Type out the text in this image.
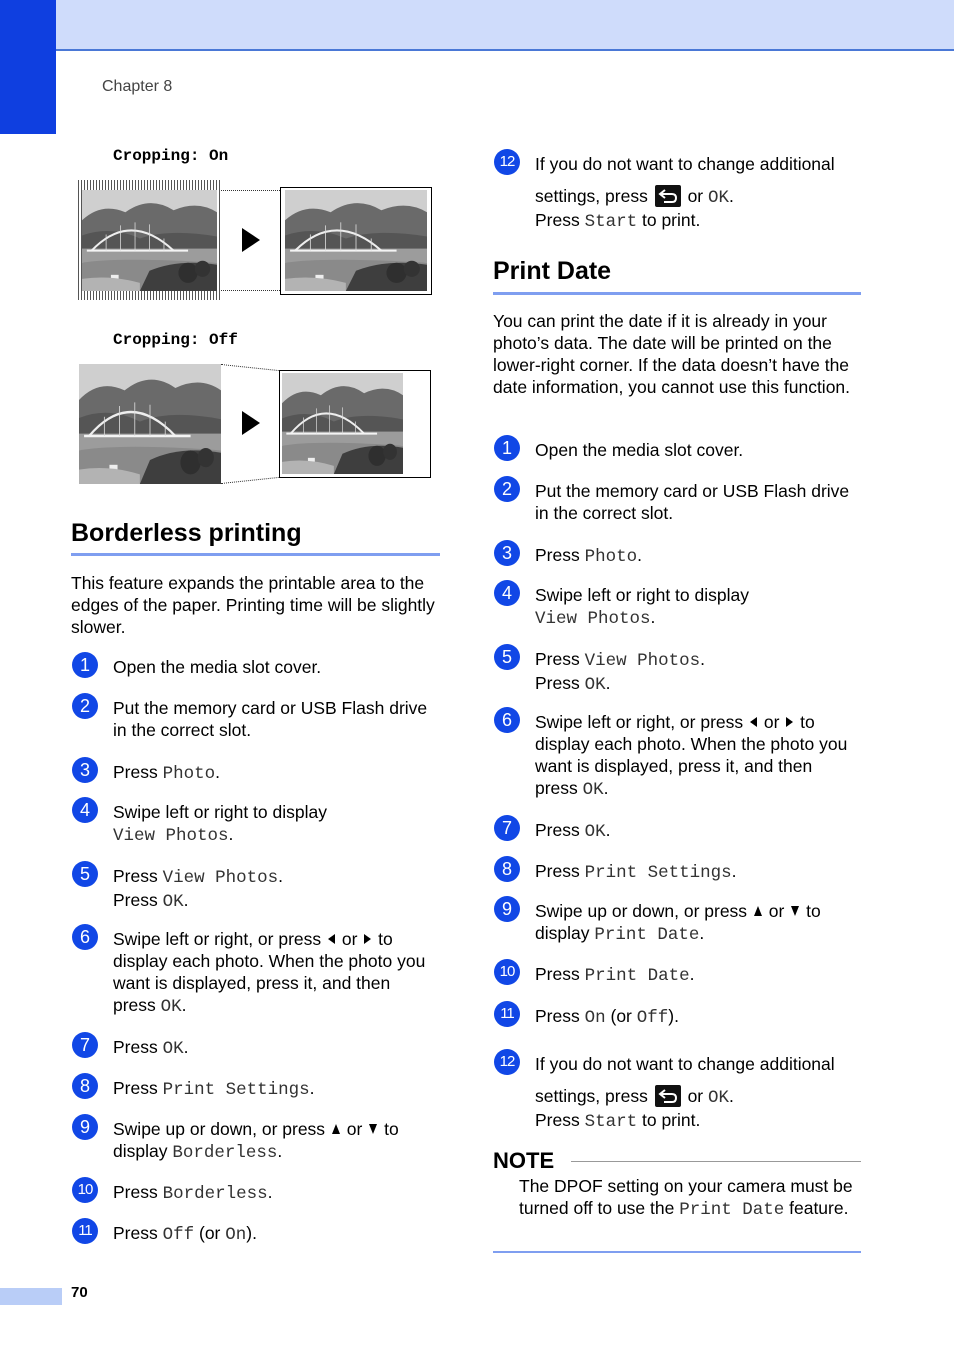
Chapter 8
70
Cropping: On
Cropping: Off
Borderless printing
This feature expands the printable area to the edges of the paper. Printing time will be slightly slower.
1	Open the media slot cover.
2	Put the memory card or USB Flash drive in the correct slot.
3	Press Photo.
4	Swipe left or right to display
View Photos.
5	Press View Photos.
Press OK.
6	Swipe left or right, or press  or  to
display each photo. When the photo you
want is displayed, press it, and then
press OK.
7	Press OK.
8	Press Print Settings.
9	Swipe up or down, or press  or  to
display Borderless.
10	Press Borderless.
11	Press Off (or On).
12	If you do not want to change additional
settings, press
or OK.
Press Start to print.
Print Date
You can print the date if it is already in your photo’s data. The date will be printed on the lower-right corner. If the data doesn’t have the date information, you cannot use this function.
1	Open the media slot cover.
2	Put the memory card or USB Flash drive in the correct slot.
3	Press Photo.
4	Swipe left or right to display
View Photos.
5	Press View Photos.
Press OK.
6	Swipe left or right, or press  or  to
display each photo. When the photo you
want is displayed, press it, and then
press OK.
7	Press OK.
8	Press Print Settings.
9	Swipe up or down, or press  or  to
display Print Date.
10	Press Print Date.
11	Press On (or Off).
12	If you do not want to change additional
settings, press
or OK.
Press Start to print.
NOTE
The DPOF setting on your camera must be turned off to use the Print Date feature.
